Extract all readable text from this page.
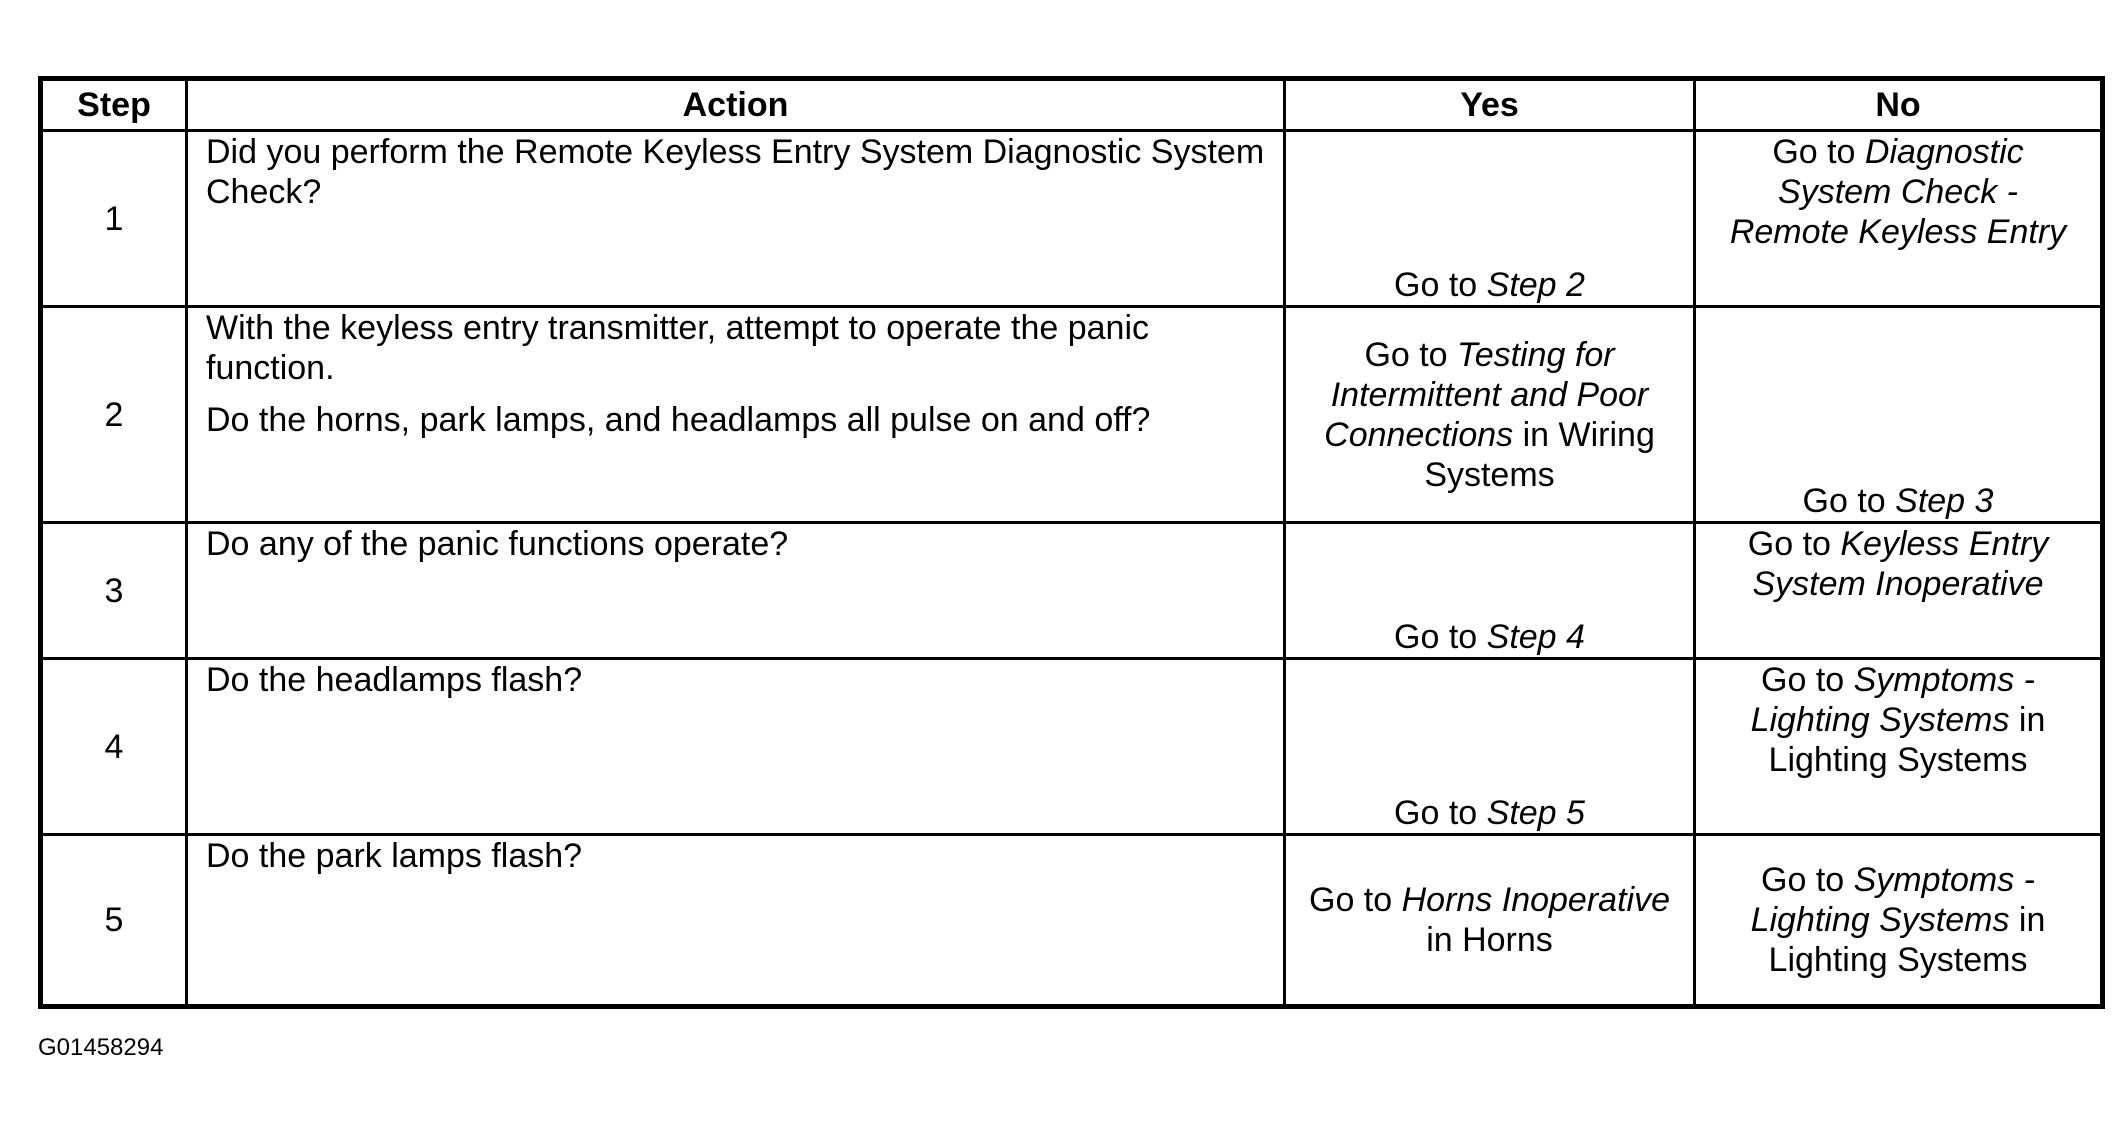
Step	Action	Yes	No
1	Did you perform the Remote Keyless Entry System Diagnostic System Check?	Go to Step 2	Go to Diagnostic System Check - Remote Keyless Entry
2	With the keyless entry transmitter, attempt to operate the panic function.

Do the horns, park lamps, and headlamps all pulse on and off?	Go to Testing for Intermittent and Poor Connections in Wiring Systems	Go to Step 3
3	Do any of the panic functions operate?	Go to Step 4	Go to Keyless Entry System Inoperative
4	Do the headlamps flash?	Go to Step 5	Go to Symptoms - Lighting Systems in Lighting Systems
5	Do the park lamps flash?	Go to Horns Inoperative in Horns	Go to Symptoms - Lighting Systems in Lighting Systems
G01458294
